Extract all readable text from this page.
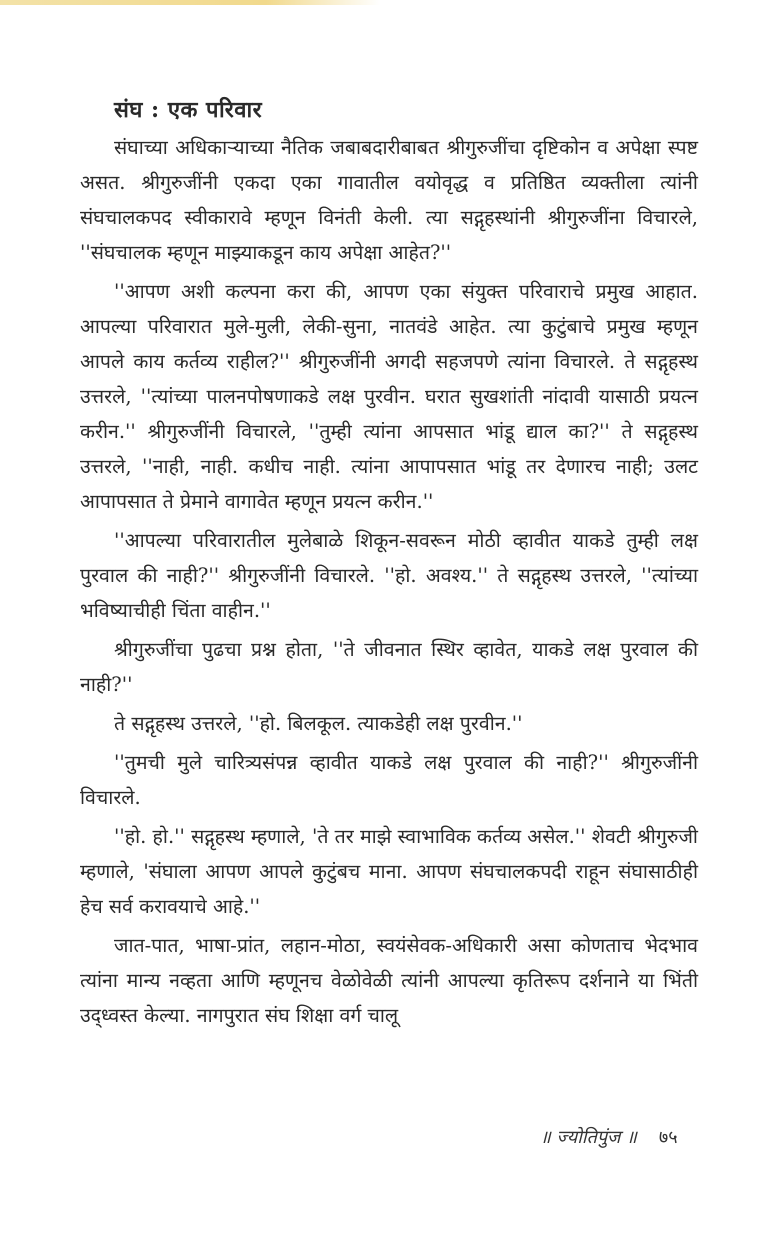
संघ : एक परिवार

संघाच्या अधिकाऱ्याच्या नैतिक जबाबदारीबाबत श्रीगुरुजींचा दृष्टिकोन व अपेक्षा स्पष्ट असत. श्रीगुरुजींनी एकदा एका गावातील वयोवृद्ध व प्रतिष्ठित व्यक्तीला त्यांनी संघचालकपद स्वीकारावे म्हणून विनंती केली. त्या सद्गृहस्थांनी श्रीगुरुजींना विचारले, ''संघचालक म्हणून माझ्याकडून काय अपेक्षा आहेत?''

''आपण अशी कल्पना करा की, आपण एका संयुक्त परिवाराचे प्रमुख आहात. आपल्या परिवारात मुले-मुली, लेकी-सुना, नातवंडे आहेत. त्या कुटुंबाचे प्रमुख म्हणून आपले काय कर्तव्य राहील?'' श्रीगुरुजींनी अगदी सहजपणे त्यांना विचारले. ते सद्गृहस्थ उत्तरले, ''त्यांच्या पालनपोषणाकडे लक्ष पुरवीन. घरात सुखशांती नांदावी यासाठी प्रयत्न करीन.'' श्रीगुरुजींनी विचारले, ''तुम्ही त्यांना आपसात भांडू द्याल का?'' ते सद्गृहस्थ उत्तरले, ''नाही, नाही. कधीच नाही. त्यांना आपापसात भांडू तर देणारच नाही; उलट आपापसात ते प्रेमाने वागावेत म्हणून प्रयत्न करीन.''

''आपल्या परिवारातील मुलेबाळे शिकून-सवरून मोठी व्हावीत याकडे तुम्ही लक्ष पुरवाल की नाही?'' श्रीगुरुजींनी विचारले. ''हो. अवश्य.'' ते सद्गृहस्थ उत्तरले, ''त्यांच्या भविष्याचीही चिंता वाहीन.''

श्रीगुरुजींचा पुढचा प्रश्न होता, ''ते जीवनात स्थिर व्हावेत, याकडे लक्ष पुरवाल की नाही?''

ते सद्गृहस्थ उत्तरले, ''हो. बिलकूल. त्याकडेही लक्ष पुरवीन.''

''तुमची मुले चारित्र्यसंपन्न व्हावीत याकडे लक्ष पुरवाल की नाही?'' श्रीगुरुजींनी विचारले.

''हो. हो.'' सद्गृहस्थ म्हणाले, 'ते तर माझे स्वाभाविक कर्तव्य असेल.'' शेवटी श्रीगुरुजी म्हणाले, 'संघाला आपण आपले कुटुंबच माना. आपण संघचालकपदी राहून संघासाठीही हेच सर्व करावयाचे आहे.''

जात-पात, भाषा-प्रांत, लहान-मोठा, स्वयंसेवक-अधिकारी असा कोणताच भेदभाव त्यांना मान्य नव्हता आणि म्हणूनच वेळोवेळी त्यांनी आपल्या कृतिरूप दर्शनाने या भिंती उद्ध्वस्त केल्या. नागपुरात संघ शिक्षा वर्ग चालू

॥ ज्योतिपुंज ॥ ७५
